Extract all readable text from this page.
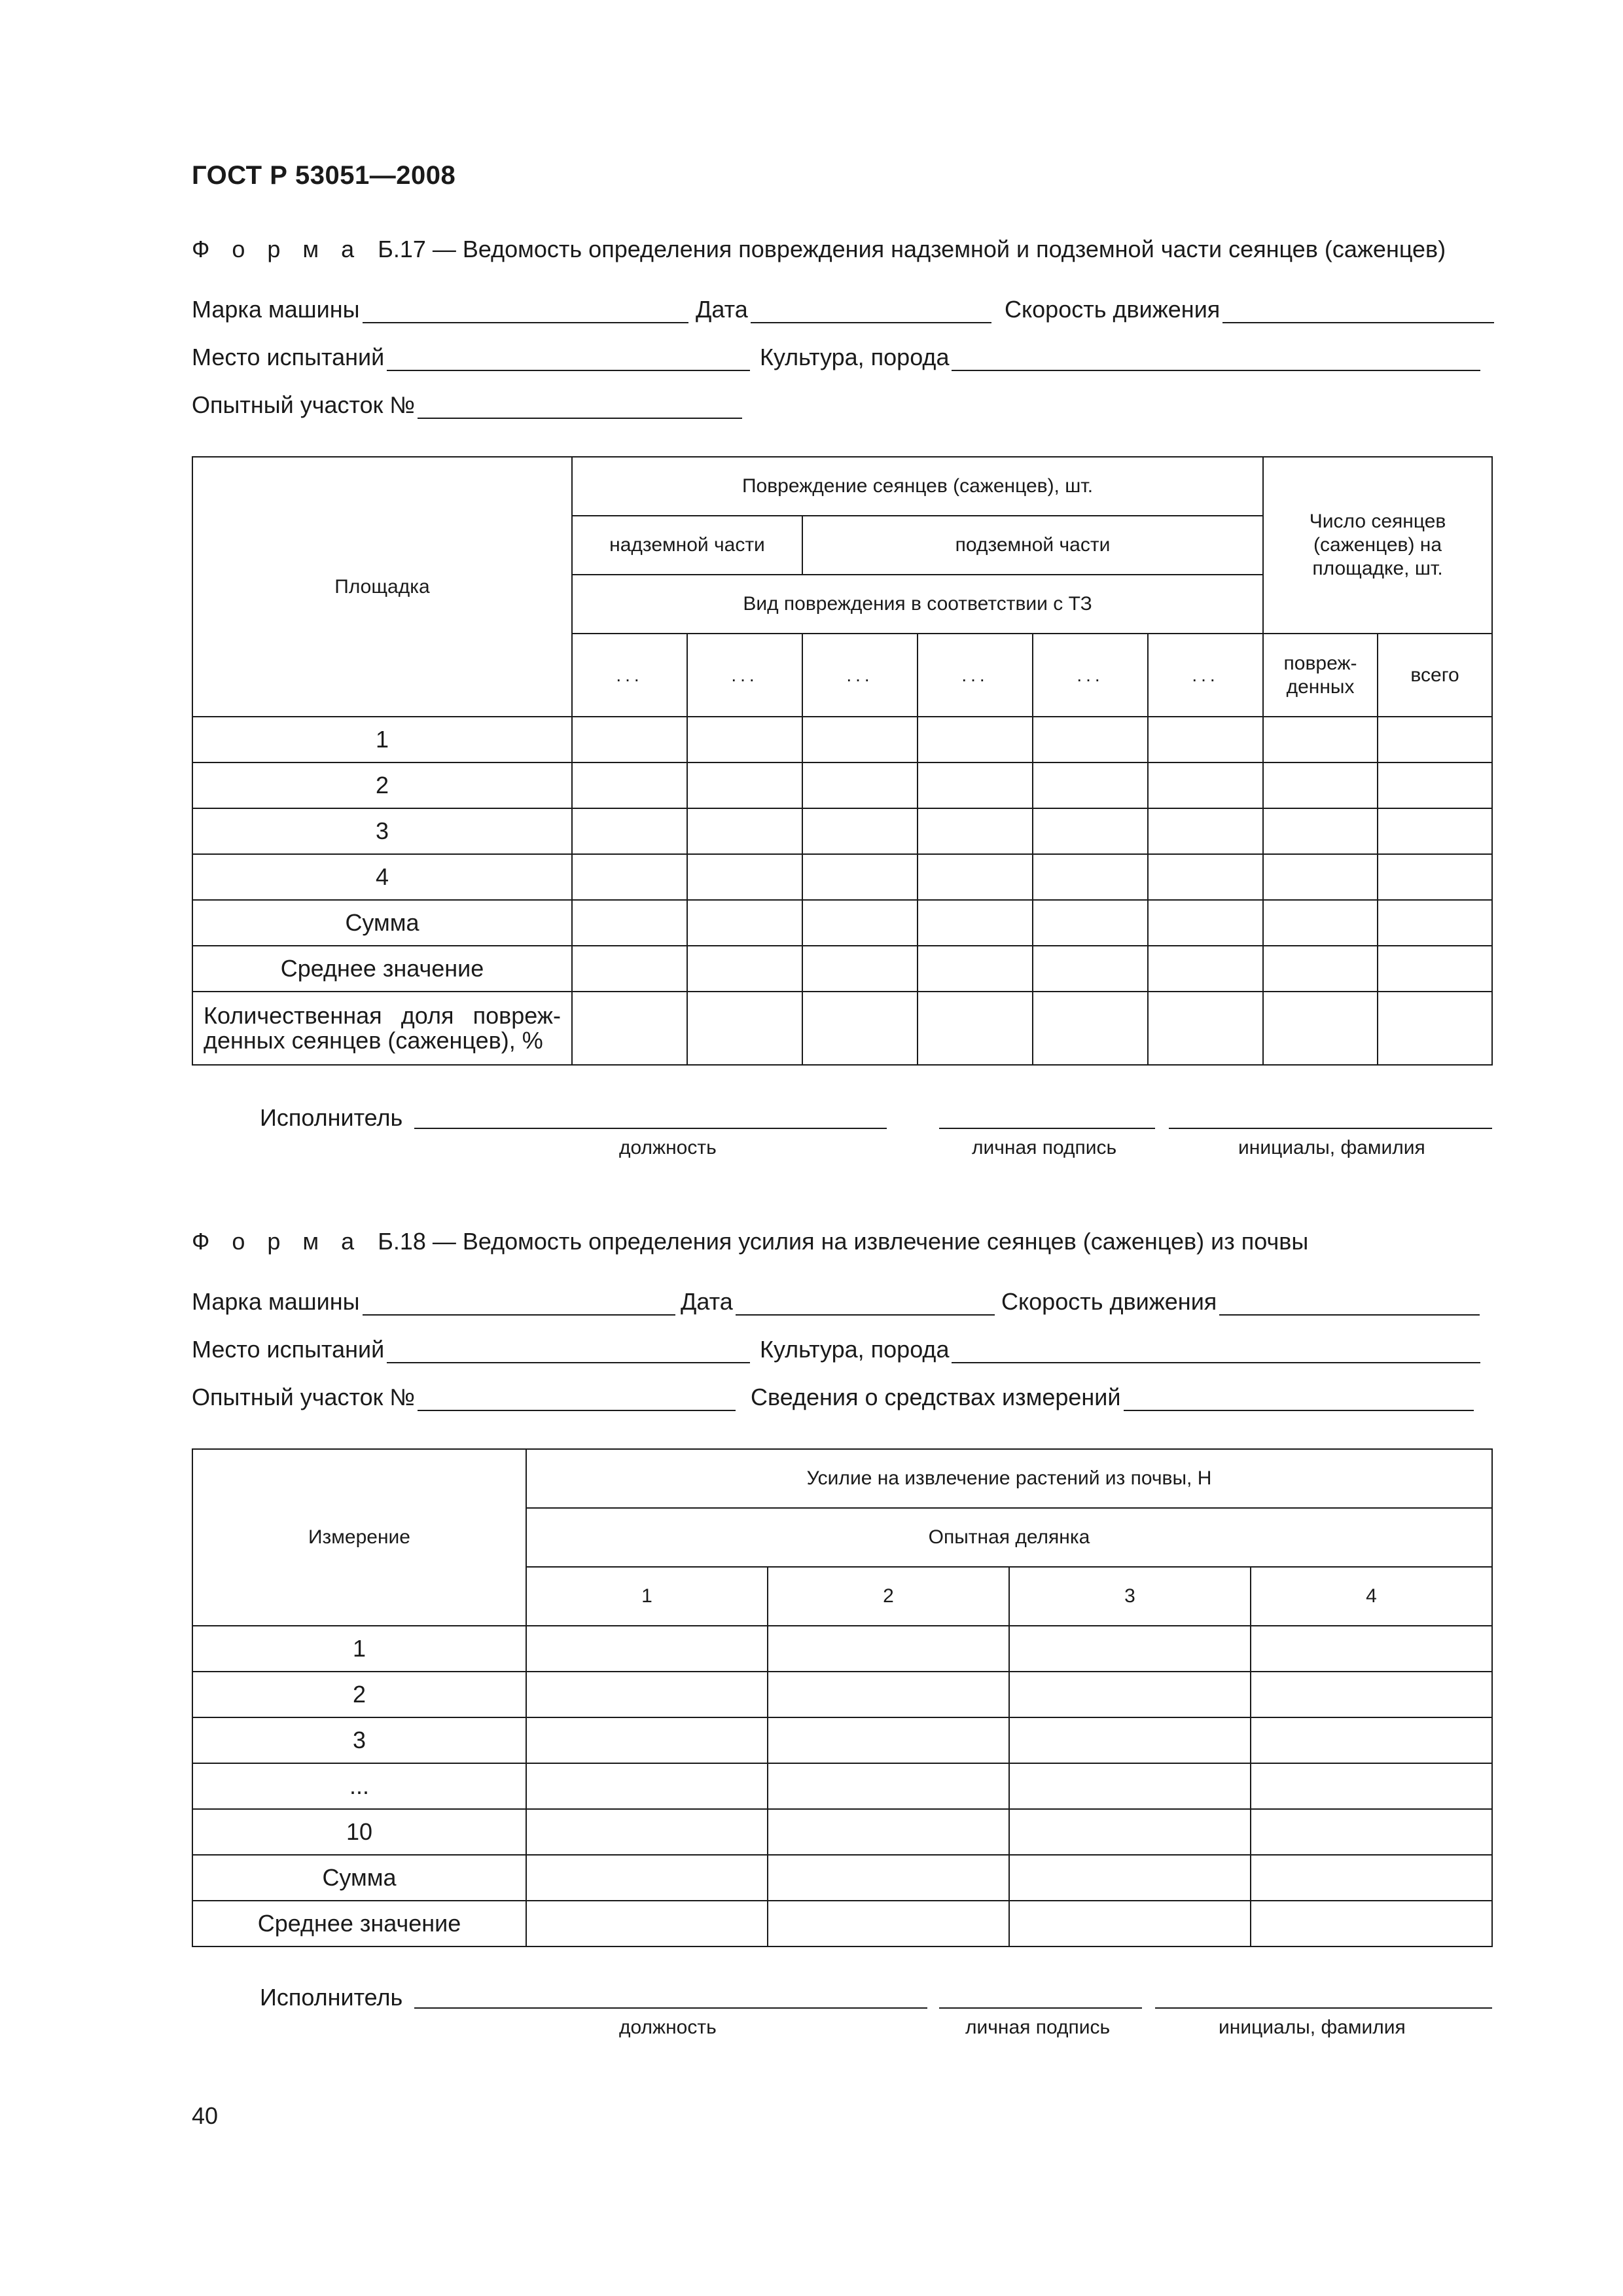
ГОСТ Р 53051—2008
Ф о р м а Б.17 — Ведомость определения повреждения надземной и подземной части сеянцев (саженцев)
Марка машины	Дата	Скорость движения
Место испытаний	Культура, порода
Опытный участок №
Площадка	Повреждение сеянцев (саженцев), шт.						Число сеянцев (саженцев) на площадке, шт.	
	надземной части		подземной части					
	Вид повреждения в соответствии с ТЗ							
	...	...	...	...	...	...	повреж-денных	всего
1								
2								
3								
4								
Сумма								
Среднее значение								
Количественная доля повреж-денных сеянцев (саженцев), %								
Исполнитель
должность	личная подпись	инициалы, фамилия
Ф о р м а Б.18 — Ведомость определения усилия на извлечение сеянцев (саженцев) из почвы
Марка машины	Дата	Скорость движения
Место испытаний	Культура, порода
Опытный участок №	Сведения о средствах измерений
Измерение	Усилие на извлечение растений из почвы, Н			
	Опытная делянка			
	1	2	3	4
1				
2				
3				
...				
10				
Сумма				
Среднее значение				
Исполнитель
должность	личная подпись	инициалы, фамилия
40
